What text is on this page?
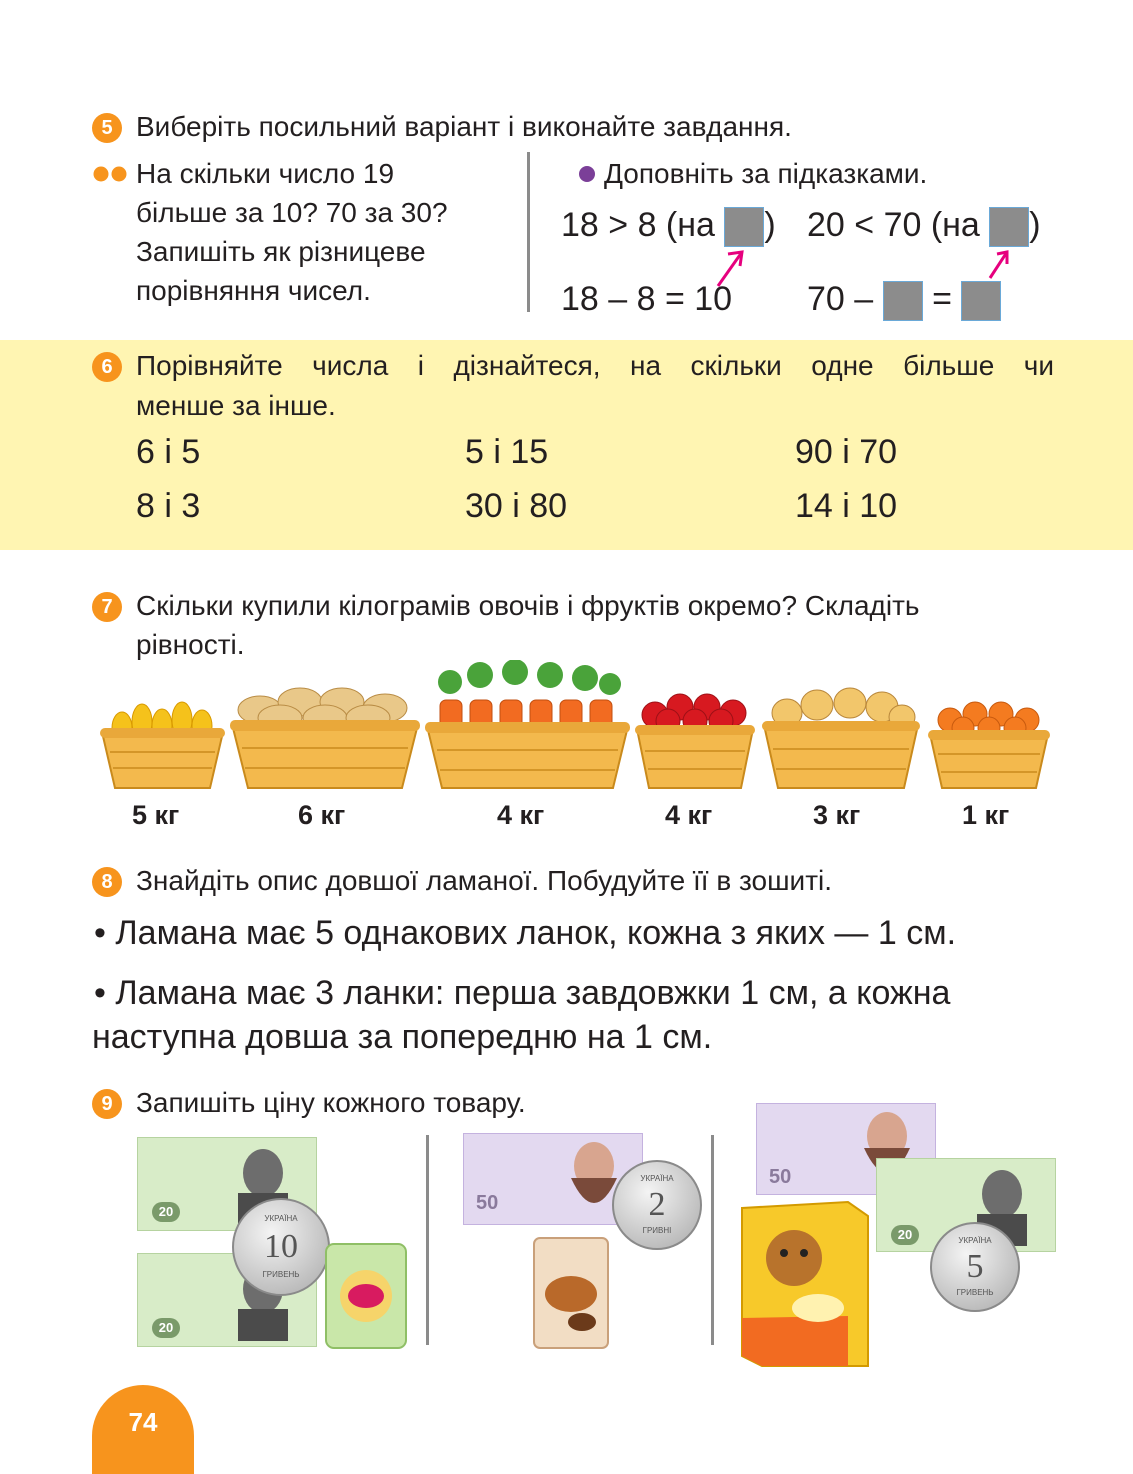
5 Виберіть посильний варіант і виконайте завдання.
На скільки число 19
більше за 10? 70 за 30?
Запишіть як різницеве
порівняння чисел.
Доповніть за підказками.
18 > 8 (на ) 20 < 70 (на )
18 – 8 = 10 70 – =
6 Порівняйте числа і дізнайтеся, на скільки одне більше чи
менше за інше.
6 і 5	5 і 15	90 і 70
8 і 3	30 і 80	14 і 10
7 Скільки купили кілограмів овочів і фруктів окремо? Складіть
рівності.
5 кг	6 кг	4 кг	4 кг	3 кг	1 кг
8 Знайдіть опис довшої ламаної. Побудуйте її в зошиті.
• Ламана має 5 однакових ланок, кожна з яких — 1 см.
• Ламана має 3 ланки: перша завдовжки 1 см, а кожна
наступна довша за попередню на 1 см.
9 Запишіть ціну кожного товару.
20
20
УКРАЇНА
10
ГРИВЕНЬ
50
УКРАЇНА
2
ГРИВНІ
50
20	УКРАЇНА
5
ГРИВЕНЬ
74
